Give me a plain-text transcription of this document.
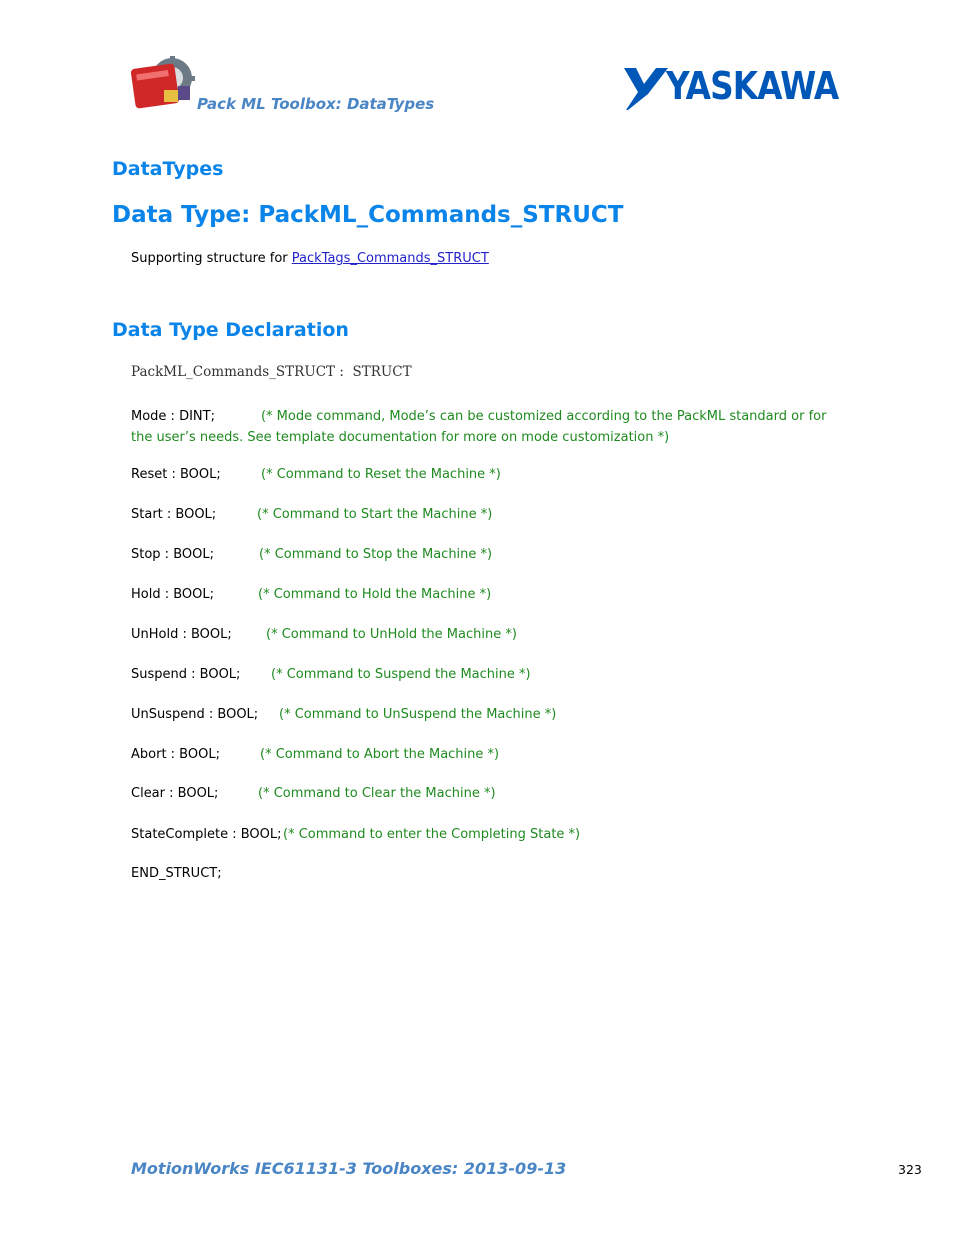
Pack ML Toolbox: DataTypes	YASKAWA
DataTypes
Data Type: PackML_Commands_STRUCT
Supporting structure for PackTags_Commands_STRUCT
Data Type Declaration
PackML_Commands_STRUCT :  STRUCT
Mode : DINT;	(* Mode command, Mode’s can be customized according to the PackML standard or for the user’s needs. See template documentation for more on mode customization *)
Reset : BOOL;	(* Command to Reset the Machine *)
Start : BOOL;	(* Command to Start the Machine *)
Stop : BOOL;	(* Command to Stop the Machine *)
Hold : BOOL;	(* Command to Hold the Machine *)
UnHold : BOOL;	(* Command to UnHold the Machine *)
Suspend : BOOL; (* Command to Suspend the Machine *)
UnSuspend : BOOL; (* Command to UnSuspend the Machine *)
Abort : BOOL;	(* Command to Abort the Machine *)
Clear : BOOL;	(* Command to Clear the Machine *)
StateComplete : BOOL; (* Command to enter the Completing State *)
END_STRUCT;
MotionWorks IEC61131-3 Toolboxes: 2013-09-13	323
